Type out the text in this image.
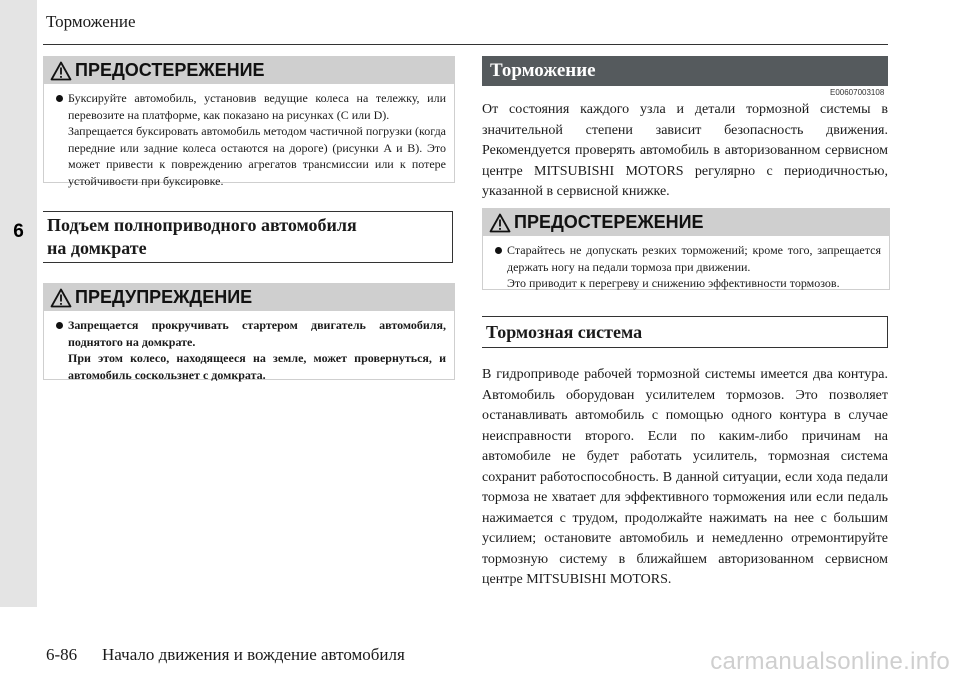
6
Торможение
ПРЕДОСТЕРЕЖЕНИЕ

Буксируйте автомобиль, установив ведущие колеса на тележку, или перевозите на платформе, как показано на рисунках (C или D).

Запрещается буксировать автомобиль методом частичной погрузки (когда передние или задние колеса остаются на дороге) (рисунки A и B). Это может привести к повреждению агрегатов трансмиссии или к потере устойчивости при буксировке.

Подъем полноприводного автомобиля
на домкрате
ПРЕДУПРЕЖДЕНИЕ

Запрещается прокручивать стартером двигатель автомобиля, поднятого на домкрате.

При этом колесо, находящееся на земле, может провернуться, и автомобиль соскользнет с домкрата.

Торможение
E00607003108

От состояния каждого узла и детали тормозной системы в значительной степени зависит безопасность движения. Рекомендуется проверять автомобиль в авторизованном сервисном центре MITSUBISHI MOTORS регулярно с периодичностью, указанной в сервисной книжке.

ПРЕДОСТЕРЕЖЕНИЕ

Старайтесь не допускать резких торможений; кроме того, запрещается держать ногу на педали тормоза при движении.

Это приводит к перегреву и снижению эффективности тормозов.

Тормозная система

В гидроприводе рабочей тормозной системы имеется два контура. Автомобиль оборудован усилителем тормозов. Это позволяет останавливать автомобиль с помощью одного контура в случае неисправности второго. Если по каким-либо причинам на автомобиле не будет работать усилитель, тормозная система сохранит работоспособность. В данной ситуации, если хода педали тормоза не хватает для эффективного торможения или если педаль нажимается с трудом, продолжайте нажимать на нее с большим усилием; остановите автомобиль и немедленно отремонтируйте тормозную систему в ближайшем авторизованном сервисном центре MITSUBISHI MOTORS.

6-86 Начало движения и вождение автомобиля	carmanualsonline.info
